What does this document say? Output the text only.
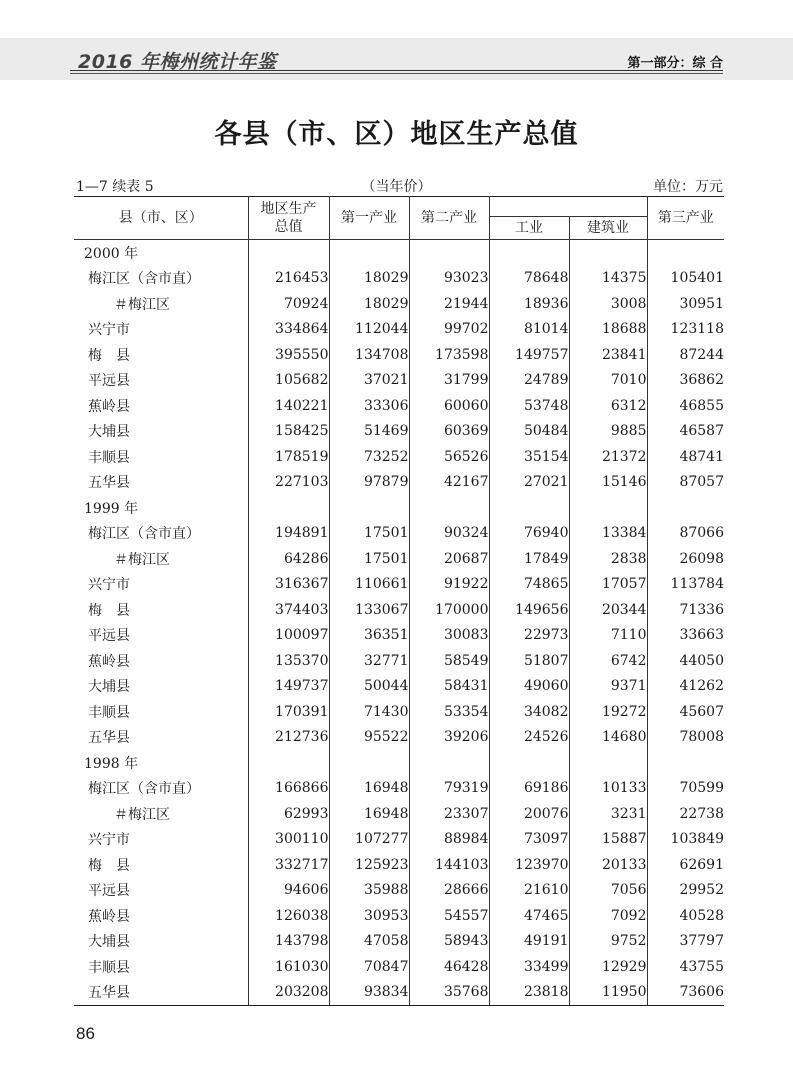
2016 年梅州统计年鉴	第一部分：综 合
各县（市、区）地区生产总值
1—7 续表 5	（当年价）	单位：万元
县（市、区）	地区生产总值	第一产业	第二产业			第三产业
				工业	建筑业	
2000 年						
梅江区（含市直）	216453	18029	93023	78648	14375	105401
＃梅江区	70924	18029	21944	18936	3008	30951
兴宁市	334864	112044	99702	81014	18688	123118
梅　县	395550	134708	173598	149757	23841	87244
平远县	105682	37021	31799	24789	7010	36862
蕉岭县	140221	33306	60060	53748	6312	46855
大埔县	158425	51469	60369	50484	9885	46587
丰顺县	178519	73252	56526	35154	21372	48741
五华县	227103	97879	42167	27021	15146	87057
1999 年						
梅江区（含市直）	194891	17501	90324	76940	13384	87066
＃梅江区	64286	17501	20687	17849	2838	26098
兴宁市	316367	110661	91922	74865	17057	113784
梅　县	374403	133067	170000	149656	20344	71336
平远县	100097	36351	30083	22973	7110	33663
蕉岭县	135370	32771	58549	51807	6742	44050
大埔县	149737	50044	58431	49060	9371	41262
丰顺县	170391	71430	53354	34082	19272	45607
五华县	212736	95522	39206	24526	14680	78008
1998 年						
梅江区（含市直）	166866	16948	79319	69186	10133	70599
＃梅江区	62993	16948	23307	20076	3231	22738
兴宁市	300110	107277	88984	73097	15887	103849
梅　县	332717	125923	144103	123970	20133	62691
平远县	94606	35988	28666	21610	7056	29952
蕉岭县	126038	30953	54557	47465	7092	40528
大埔县	143798	47058	58943	49191	9752	37797
丰顺县	161030	70847	46428	33499	12929	43755
五华县	203208	93834	35768	23818	11950	73606
86
